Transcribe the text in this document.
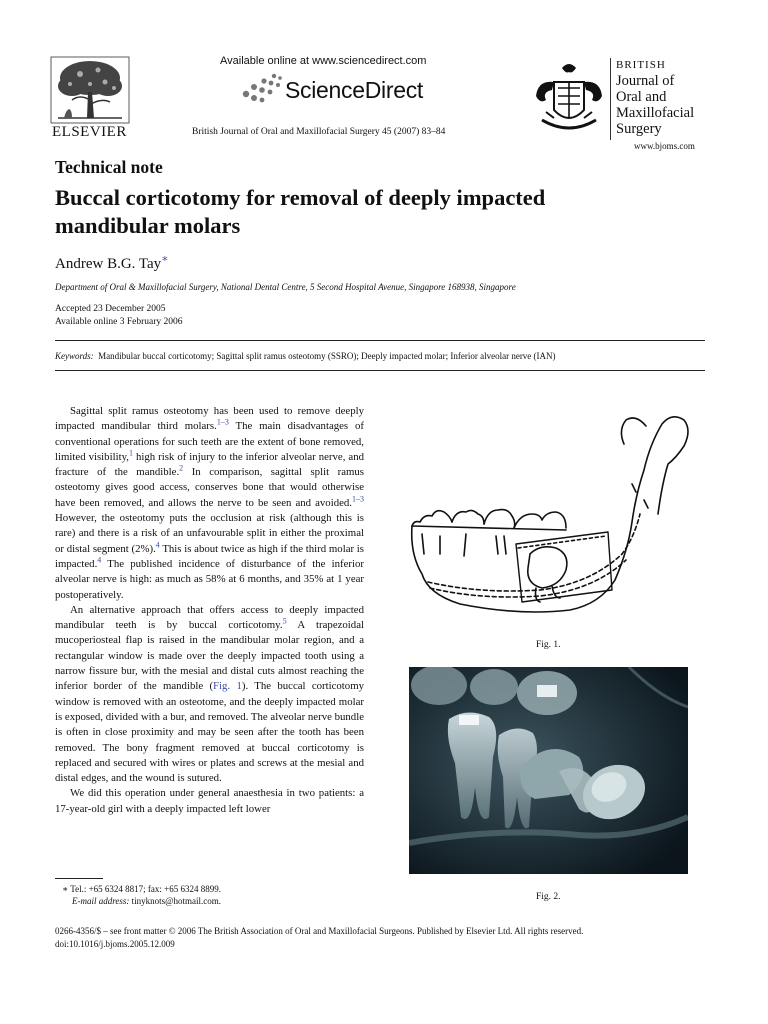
ELSEVIER
Available online at www.sciencedirect.com
ScienceDirect
British Journal of Oral and Maxillofacial Surgery 45 (2007) 83–84
BRITISH
Journal of
Oral and
Maxillofacial
Surgery
www.bjoms.com
Technical note
Buccal corticotomy for removal of deeply impacted mandibular molars
Andrew B.G. Tay∗
Department of Oral & Maxillofacial Surgery, National Dental Centre, 5 Second Hospital Avenue, Singapore 168938, Singapore
Accepted 23 December 2005
Available online 3 February 2006
Keywords: Mandibular buccal corticotomy; Sagittal split ramus osteotomy (SSRO); Deeply impacted molar; Inferior alveolar nerve (IAN)

Sagittal split ramus osteotomy has been used to remove deeply impacted mandibular third molars.$^{1-3}$ The main disadvantages of conventional operations for such teeth are the extent of bone removed, limited visibility,$^1$ high risk of injury to the inferior alveolar nerve, and fracture of the mandible.$^2$ In comparison, sagittal split ramus osteotomy gives good access, conserves bone that would otherwise have been removed, and allows the nerve to be seen and avoided.$^{1-3}$ However, the osteotomy puts the occlusion at risk (although this is rare) and there is a risk of an unfavourable split in either the proximal or distal segment (2%).$^4$ This is about twice as high if the third molar is impacted.$^4$ The published incidence of disturbance of the inferior alveolar nerve is high: as much as 58% at 6 months, and 35% at 1 year postoperatively.

An alternative approach that offers access to deeply impacted mandibular teeth is by buccal corticotomy.$^5$ A trapezoidal mucoperiosteal flap is raised in the mandibular molar region, and a rectangular window is made over the deeply impacted tooth using a narrow fissure bur, with the mesial and distal cuts almost reaching the inferior border of the mandible (Fig. 1). The buccal corticotomy window is removed with an osteotome, and the deeply impacted molar is exposed, divided with a bur, and removed. The alveolar nerve bundle is often in close proximity and may be seen after the tooth has been removed. The bony fragment removed at buccal corticotomy is replaced and secured with wires or plates and screws at the mesial and distal edges, and the wound is sutured.

We did this operation under general anaesthesia in two patients: a 17-year-old girl with a deeply impacted left lower

∗ Tel.: +65 6324 8817; fax: +65 6324 8899.
E-mail address: tinyknots@hotmail.com.
0266-4356/$ – see front matter © 2006 The British Association of Oral and Maxillofacial Surgeons. Published by Elsevier Ltd. All rights reserved.
doi:10.1016/j.bjoms.2005.12.009
Fig. 1.
Fig. 2.
